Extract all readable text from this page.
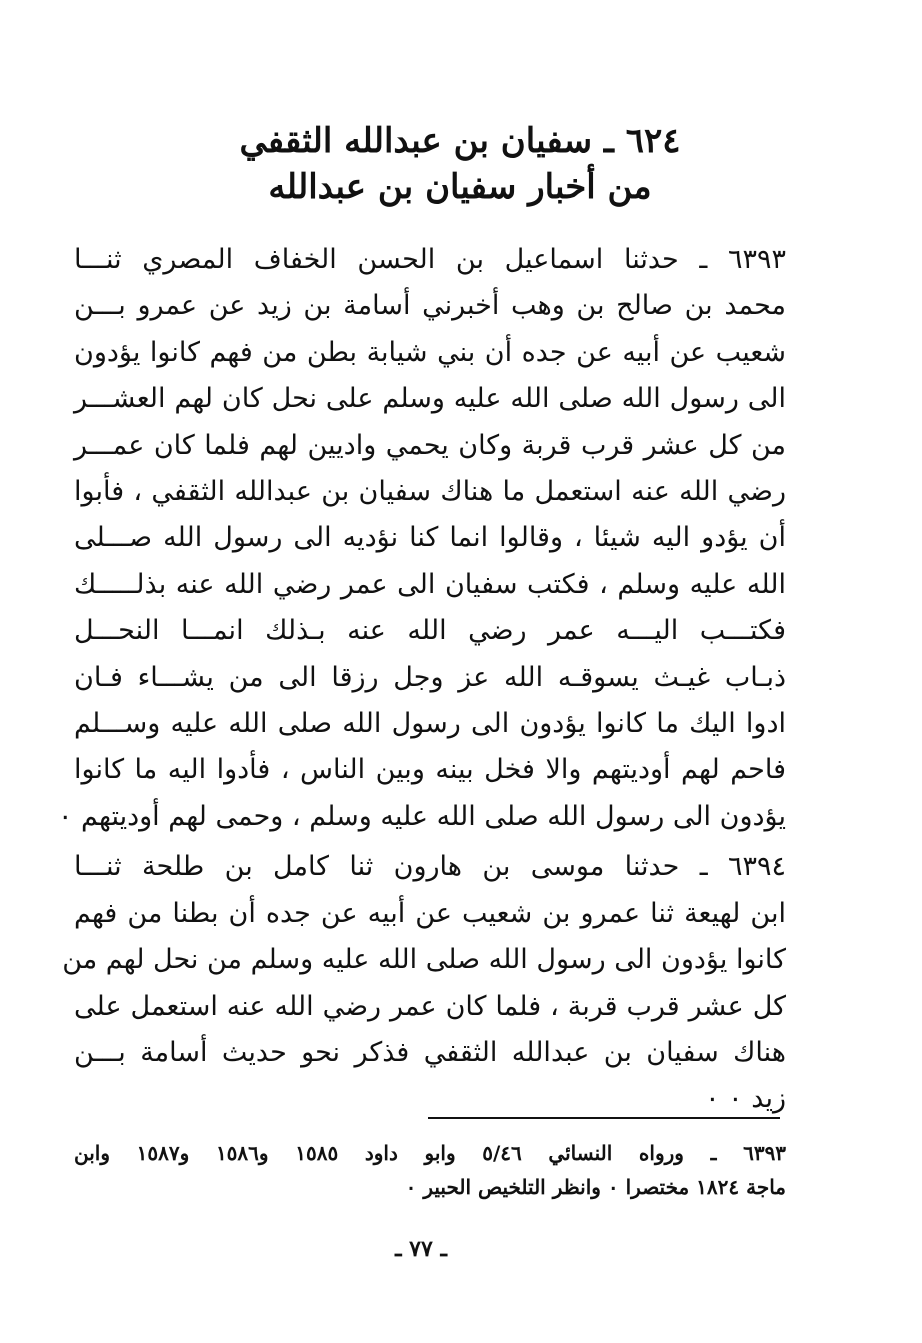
٦٢٤ ـ سفيان بن عبدالله الثقفي
من أخبار سفيان بن عبدالله

٦٣٩٣ ـ حدثنا اسماعيل بن الحسن الخفاف المصري ثنـــا

محمد بن صالح بن وهب أخبرني أسامة بن زيد عن عمرو بـــن

شعيب عن أبيه عن جده أن بني شيابة بطن من فهم كانوا يؤدون

الى رسول الله صلى الله عليه وسلم على نحل كان لهم العشـــر

من كل عشر قرب قربة وكان يحمي واديين لهم فلما كان عمـــر

رضي الله عنه استعمل ما هناك سفيان بن عبدالله الثقفي ، فأبوا

أن يؤدو اليه شيئا ، وقالوا انما كنا نؤديه الى رسول الله صـــلى

الله عليه وسلم ، فكتب سفيان الى عمر رضي الله عنه بذلـــــك

فكتـــب اليـــه عمر رضي الله عنه بـذلك انمـــا النحـــل

ذبـاب غيـث يسوقـه الله عز وجل رزقا الى من يشـــاء فـان

ادوا اليك ما كانوا يؤدون الى رسول الله صلى الله عليه وســـلم

فاحم لهم أوديتهم والا فخل بينه وبين الناس ، فأدوا اليه ما كانوا

يؤدون الى رسول الله صلى الله عليه وسلم ، وحمى لهم أوديتهم ٠

٦٣٩٤ ـ حدثنا موسى بن هارون ثنا كامل بن طلحة ثنـــا

ابن لهيعة ثنا عمرو بن شعيب عن أبيه عن جده أن بطنا من فهم

كانوا يؤدون الى رسول الله صلى الله عليه وسلم من نحل لهم من

كل عشر قرب قربة ، فلما كان عمر رضي الله عنه استعمل على

هناك سفيان بن عبدالله الثقفي فذكر نحو حديث أسامة بـــن

زيد ٠ ٠

٦٣٩٣ ـ ورواه النسائي ٥/٤٦ وابو داود ١٥٨٥ و١٥٨٦ و١٥٨٧ وابن

ماجة ١٨٢٤ مختصرا ٠ وانظر التلخيص الحبير ٠

ـ ٧٧ ـ
